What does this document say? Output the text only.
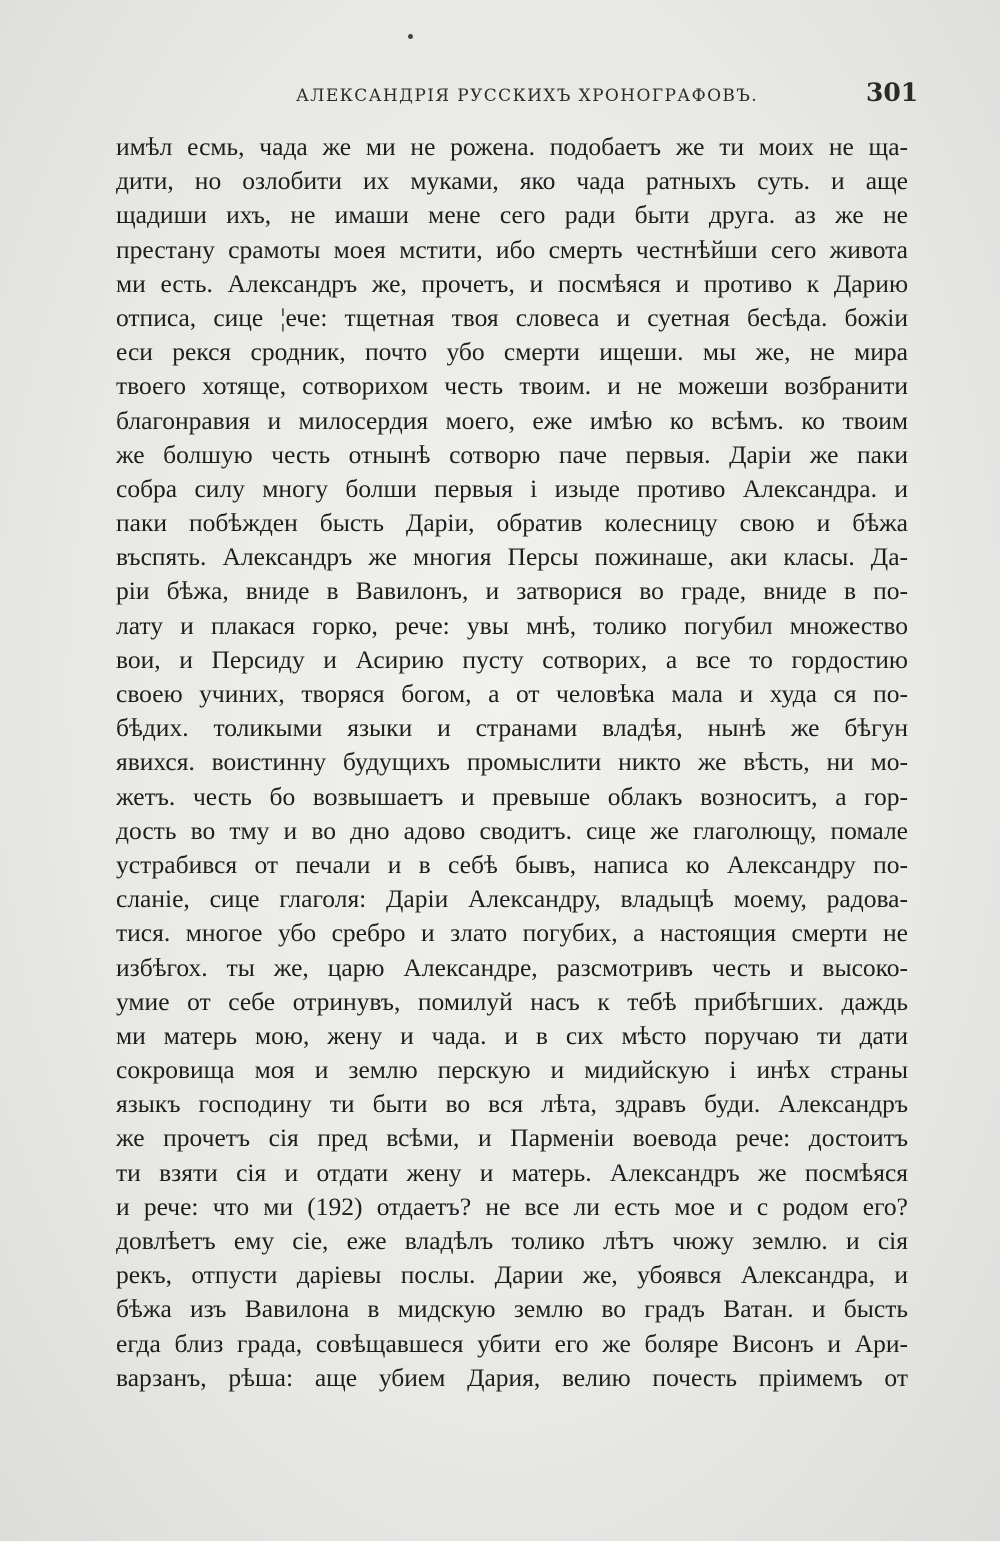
АЛЕКСАНДРІЯ РУССКИХЪ ХРОНОГРАФОВЪ.	301
имѣл есмь, чада же ми не рожена. подобаетъ же ти моих не ща-
дити, но озлобити их муками, яко чада ратныхъ суть. и аще
щадиши ихъ, не имаши мене сего ради быти друга. аз же не
престану срамоты моея мстити, ибо смерть честнѣйши сего живота
ми есть. Александръ же, прочетъ, и посмѣяся и противо к Дарию
отписа, сице ¦ече: тщетная твоя словеса и суетная бесѣда. божіи
еси рекся сродник, почто убо смерти ищеши. мы же, не мира
твоего хотяще, сотворихом честь твоим. и не можеши возбранити
благонравия и милосердия моего, еже имѣю ко всѣмъ. ко твоим
же болшую честь отнынѣ сотворю паче первыя. Даріи же паки
собра силу многу болши первыя і изыде противо Александра. и
паки побѣжден бысть Даріи, обратив колесницу свою и бѣжа
въспять. Александръ же многия Персы пожинаше, аки класы. Да-
ріи бѣжа, вниде в Вавилонъ, и затворися во граде, вниде в по-
лату и плакася горко, рече: увы мнѣ, толико погубил множество
вои, и Персиду и Асирию пусту сотворих, а все то гордостию
своею учиних, творяся богом, а от человѣка мала и худа ся по-
бѣдих. толикыми языки и странами владѣя, нынѣ же бѣгун
явихся. воистинну будущихъ промыслити никто же вѣсть, ни мо-
жетъ. честь бо возвышаетъ и превыше облакъ возноситъ, а гор-
дость во тму и во дно адово сводитъ. сице же глаголющу, помале
устрабився от печали и в себѣ бывъ, написа ко Александру по-
сланіе, сице глаголя: Даріи Александру, владыцѣ моему, радова-
тися. многое убо сребро и злато погубих, а настоящия смерти не
избѣгох. ты же, царю Александре, разсмотривъ честь и высоко-
умие от себе отринувъ, помилуй насъ к тебѣ прибѣгших. даждь
ми матерь мою, жену и чада. и в сих мѣсто поручаю ти дати
сокровища моя и землю перскую и мидийскую і инѣх страны
языкъ господину ти быти во вся лѣта, здравъ буди. Александръ
же прочетъ сія пред всѣми, и Парменіи воевода рече: достоитъ
ти взяти сія и отдати жену и матерь. Александръ же посмѣяся
и рече: что ми (192) отдаетъ? не все ли есть мое и с родом его?
довлѣетъ ему сіе, еже владѣлъ толико лѣтъ чюжу землю. и сія
рекъ, отпусти даріевы послы. Дарии же, убоявся Александра, и
бѣжа изъ Вавилона в мидскую землю во градъ Ватан. и бысть
егда близ града, совѣщавшеся убити его же боляре Висонъ и Ари-
варзанъ, рѣша: аще убием Дария, велию почесть пріимемъ от
